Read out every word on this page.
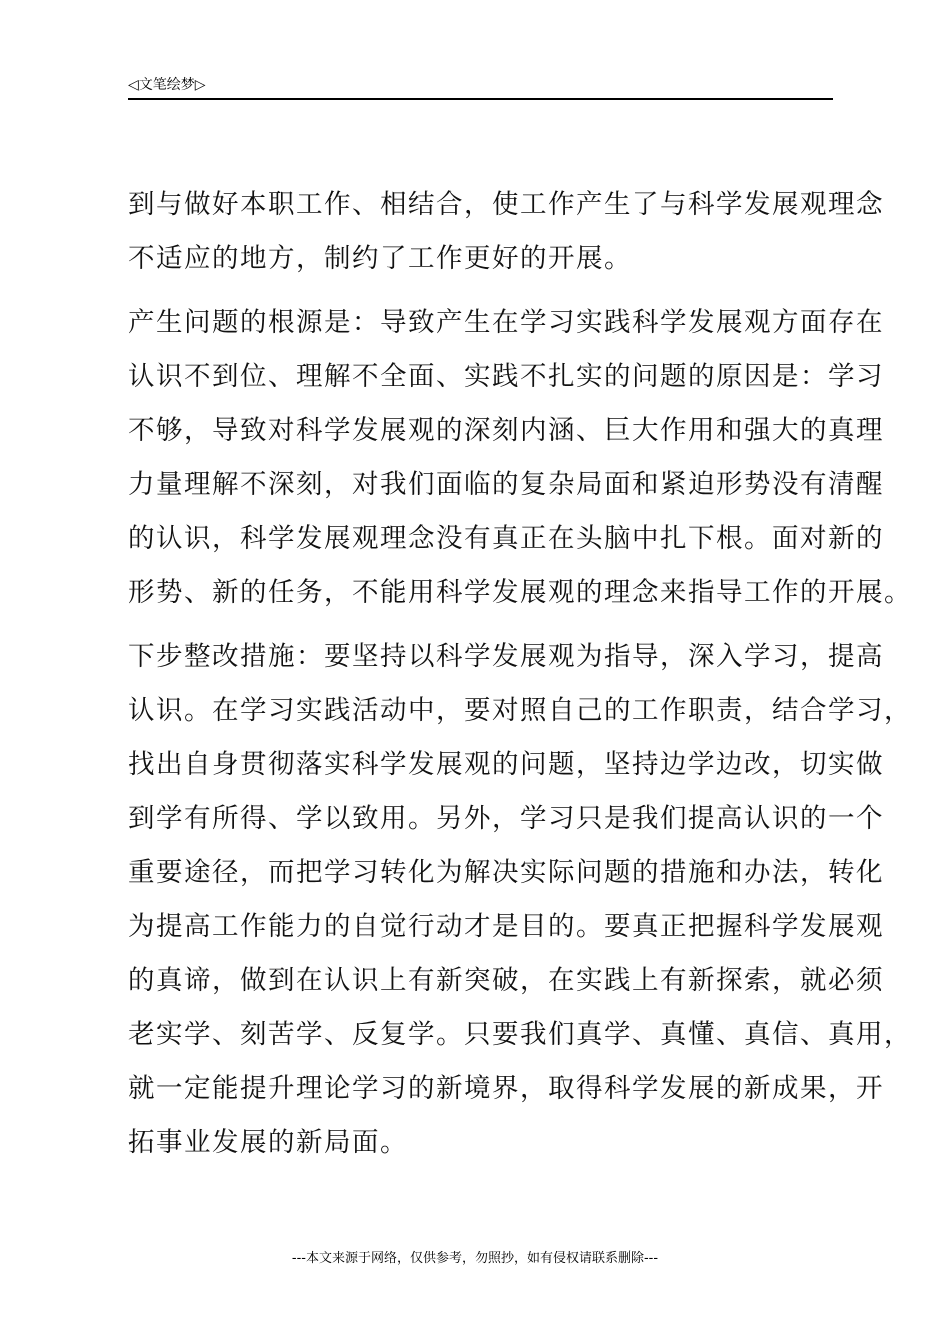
◁文笔绘梦▷

到与做好本职工作、相结合，使工作产生了与科学发展观理念
不适应的地方，制约了工作更好的开展。

产生问题的根源是：导致产生在学习实践科学发展观方面存在
认识不到位、理解不全面、实践不扎实的问题的原因是：学习
不够，导致对科学发展观的深刻内涵、巨大作用和强大的真理
力量理解不深刻，对我们面临的复杂局面和紧迫形势没有清醒
的认识，科学发展观理念没有真正在头脑中扎下根。面对新的
形势、新的任务，不能用科学发展观的理念来指导工作的开展。

下步整改措施：要坚持以科学发展观为指导，深入学习，提高
认识。在学习实践活动中，要对照自己的工作职责，结合学习，
找出自身贯彻落实科学发展观的问题，坚持边学边改，切实做
到学有所得、学以致用。另外，学习只是我们提高认识的一个
重要途径，而把学习转化为解决实际问题的措施和办法，转化
为提高工作能力的自觉行动才是目的。要真正把握科学发展观
的真谛，做到在认识上有新突破，在实践上有新探索，就必须
老实学、刻苦学、反复学。只要我们真学、真懂、真信、真用，
就一定能提升理论学习的新境界，取得科学发展的新成果，开
拓事业发展的新局面。

---本文来源于网络，仅供参考，勿照抄，如有侵权请联系删除---
